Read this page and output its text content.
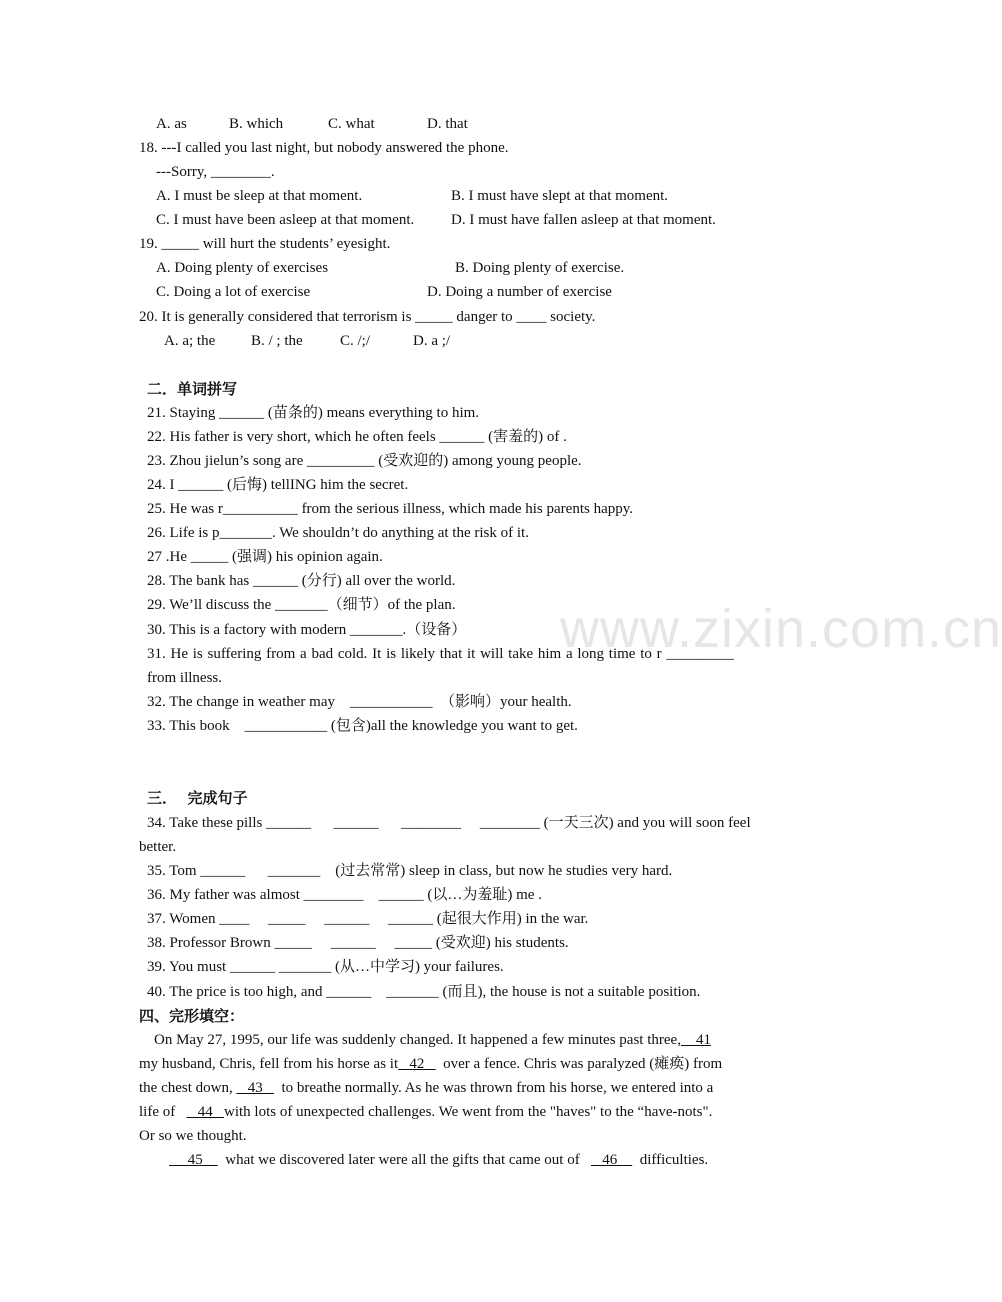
www.zixin.com.cn
A. as	B. which	C. what	D. that
18. ---I called you last night, but nobody answered the phone.
---Sorry, ________.
A. I must be sleep at that moment.	B. I must have slept at that moment.
C. I must have been asleep at that moment. D. I must have fallen asleep at that moment.
19. _____ will hurt the students’ eyesight.
A. Doing plenty of exercises	B. Doing plenty of exercise.
C. Doing a lot of exercise	D. Doing a number of exercise
20. It is generally considered that terrorism is _____ danger to ____ society.
A. a; the B. / ; the C. /;/	D. a ;/
二．单词拼写
21. Staying ______ (苗条的) means everything to him.
22. His father is very short, which he often feels ______ (害羞的) of .
23. Zhou jielun’s song are _________ (受欢迎的) among young people.
24. I ______ (后悔) tellING him the secret.
25. He was r__________ from the serious illness, which made his parents happy.
26. Life is p_______. We shouldn’t do anything at the risk of it.
27 .He _____ (强调) his opinion again.
28. The bank has ______ (分行) all over the world.
29. We’ll discuss the _______（细节）of the plan.
30. This is a factory with modern _______.（设备）
31. He is suffering from a bad cold. It is likely that it will take him a long time to r _________
from illness.
32. The change in weather may    ___________  （影响）your health.
33. This book    ___________ (包含)all the knowledge you want to get.
三．  完成句子
34. Take these pills ______      ______      ________     ________ (一天三次) and you will soon feel
better.
35. Tom ______      _______    (过去常常) sleep in class, but now he studies very hard.
36. My father was almost ________    ______ (以…为羞耻) me .
37. Women ____     _____     ______     ______ (起很大作用) in the war.
38. Professor Brown _____     ______     _____ (受欢迎) his students.
39. You must ______ _______ (从…中学习) your failures.
40. The price is too high, and ______    _______ (而且), the house is not a suitable position.
四、完形填空：
On May 27, 1995, our life was suddenly changed. It happened a few minutes past three,    41
my husband, Chris, fell from his horse as it   42     over a fence. Chris was paralyzed (瘫痪) from
the chest down,    43     to breathe normally. As he was thrown from his horse, we entered into a
life of      44   with lots of unexpected challenges. We went from the "haves" to the “have-nots".
Or so we thought.
45      what we discovered later were all the gifts that came out of      46      difficulties.
